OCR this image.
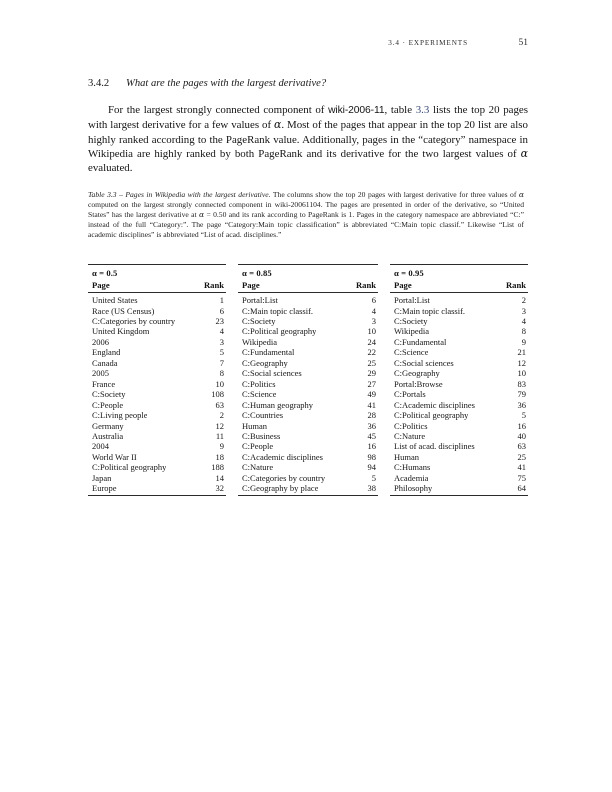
3.4 · EXPERIMENTS	51
3.4.2	What are the pages with the largest derivative?
For the largest strongly connected component of wiki-2006-11, table 3.3 lists the top 20 pages with largest derivative for a few values of α. Most of the pages that appear in the top 20 list are also highly ranked according to the PageRank value. Additionally, pages in the “category” namespace in Wikipedia are highly ranked by both PageRank and its derivative for the two largest values of α evaluated.
Table 3.3 – Pages in Wikipedia with the largest derivative. The columns show the top 20 pages with largest derivative for three values of α computed on the largest strongly connected component in wiki-20061104. The pages are presented in order of the derivative, so “United States” has the largest derivative at α = 0.50 and its rank according to PageRank is 1. Pages in the category namespace are abbreviated “C:” instead of the full “Category:”. The page “Category:Main topic classification” is abbreviated “C:Main topic classif.” Likewise “List of academic disciplines” is abbreviated “List of acad. disciplines.”
α = 0.5
Page	Rank
United States	1
Race (US Census)	6
C:Categories by country	23
United Kingdom	4
2006	3
England	5
Canada	7
2005	8
France	10
C:Society	108
C:People	63
C:Living people	2
Germany	12
Australia	11
2004	9
World War II	18
C:Political geography	188
Japan	14
Europe	32
α = 0.85
Page	Rank
Portal:List	6
C:Main topic classif.	4
C:Society	3
C:Political geography	10
Wikipedia	24
C:Fundamental	22
C:Geography	25
C:Social sciences	29
C:Politics	27
C:Science	49
C:Human geography	41
C:Countries	28
Human	36
C:Business	45
C:People	16
C:Academic disciplines	98
C:Nature	94
C:Categories by country	5
C:Geography by place	38
α = 0.95
Page	Rank
Portal:List	2
C:Main topic classif.	3
C:Society	4
Wikipedia	8
C:Fundamental	9
C:Science	21
C:Social sciences	12
C:Geography	10
Portal:Browse	83
C:Portals	79
C:Academic disciplines	36
C:Political geography	5
C:Politics	16
C:Nature	40
List of acad. disciplines	63
Human	25
C:Humans	41
Academia	75
Philosophy	64
